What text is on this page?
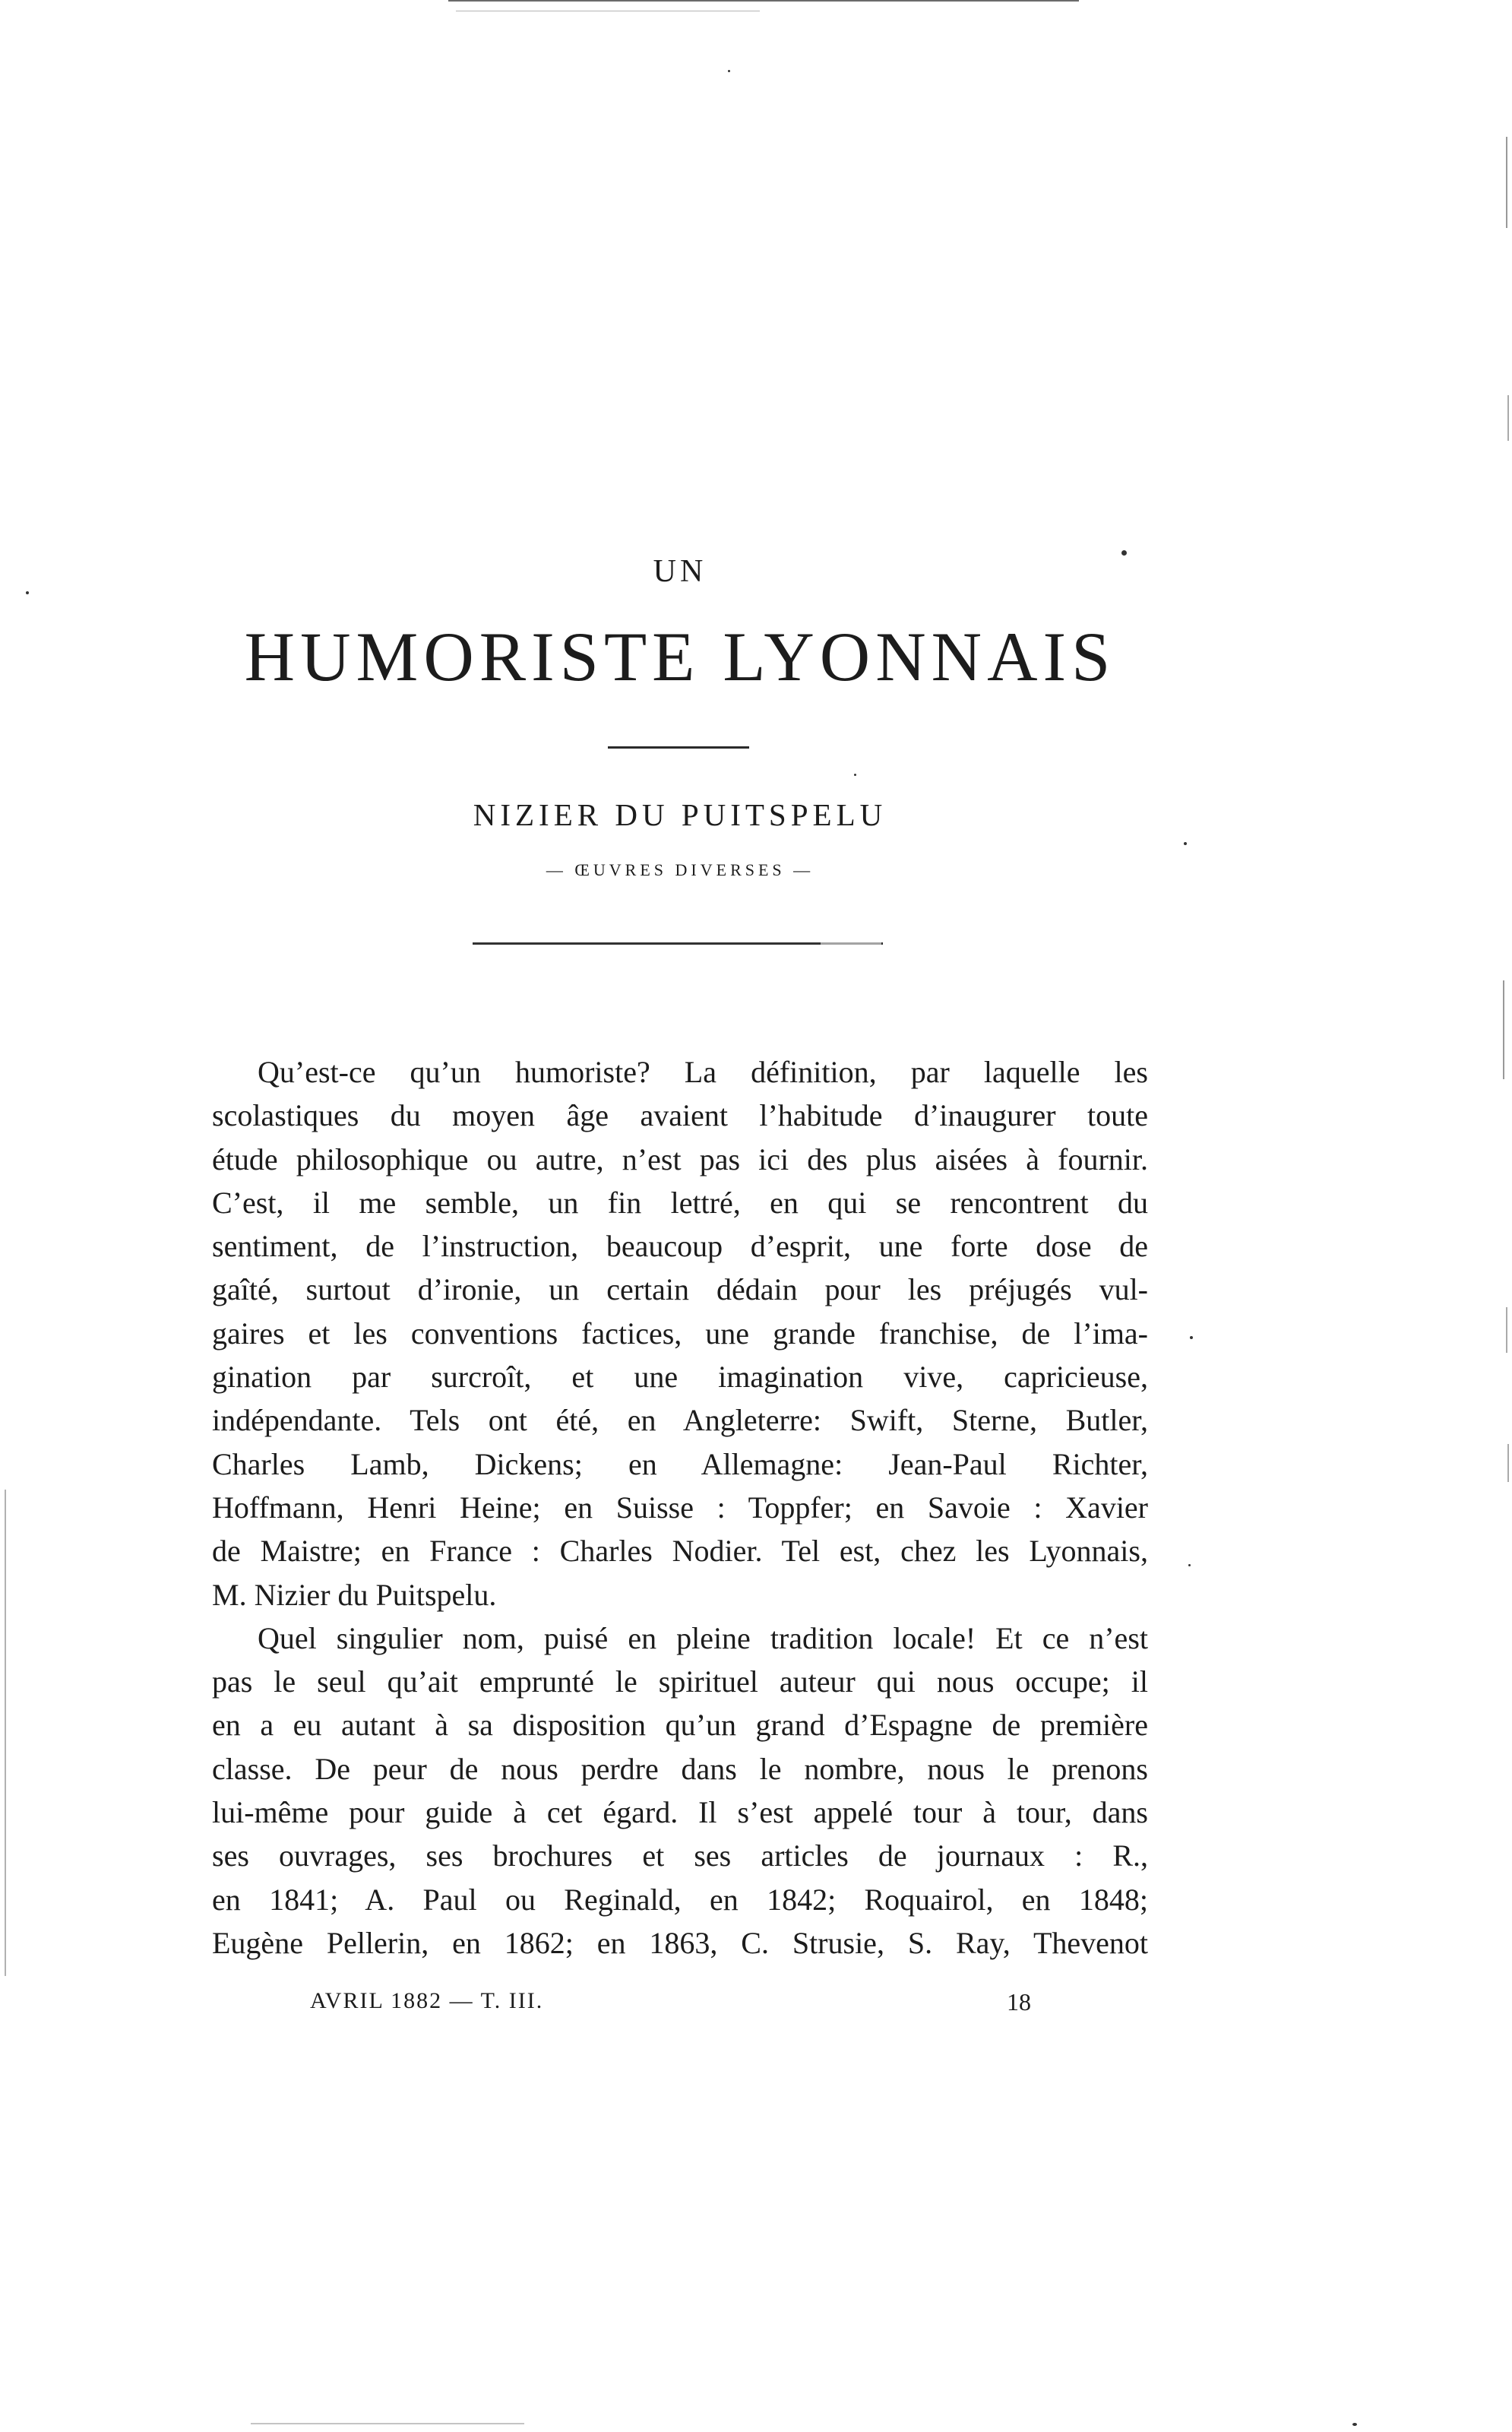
UN
HUMORISTE LYONNAIS
NIZIER DU PUITSPELU
— ŒUVRES DIVERSES —
Qu’est-ce qu’un humoriste? La définition, par laquelle les
scolastiques du moyen âge avaient l’habitude d’inaugurer toute
étude philosophique ou autre, n’est pas ici des plus aisées à fournir.
C’est, il me semble, un fin lettré, en qui se rencontrent du
sentiment, de l’instruction, beaucoup d’esprit, une forte dose de
gaîté, surtout d’ironie, un certain dédain pour les préjugés vul-
gaires et les conventions factices, une grande franchise, de l’ima-
gination par surcroît, et une imagination vive, capricieuse,
indépendante. Tels ont été, en Angleterre: Swift, Sterne, Butler,
Charles Lamb, Dickens; en Allemagne: Jean-Paul Richter,
Hoffmann, Henri Heine; en Suisse : Toppfer; en Savoie : Xavier
de Maistre; en France : Charles Nodier. Tel est, chez les Lyonnais,
M. Nizier du Puitspelu.
Quel singulier nom, puisé en pleine tradition locale! Et ce n’est
pas le seul qu’ait emprunté le spirituel auteur qui nous occupe; il
en a eu autant à sa disposition qu’un grand d’Espagne de première
classe. De peur de nous perdre dans le nombre, nous le prenons
lui-même pour guide à cet égard. Il s’est appelé tour à tour, dans
ses ouvrages, ses brochures et ses articles de journaux : R.,
en 1841; A. Paul ou Reginald, en 1842; Roquairol, en 1848;
Eugène Pellerin, en 1862; en 1863, C. Strusie, S. Ray, Thevenot
AVRIL 1882 — T. III.	18
